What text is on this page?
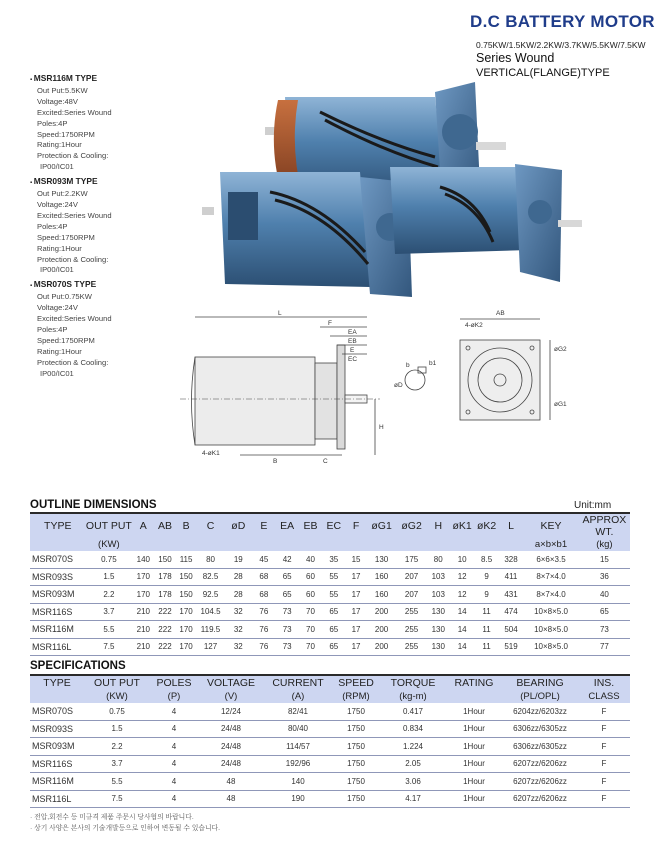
D.C BATTERY MOTOR
0.75KW/1.5KW/2.2KW/3.7KW/5.5KW/7.5KW
Series Wound
VERTICAL(FLANGE)TYPE
▪ MSR116M TYPE
Out Put:5.5KW
Voltage:48V
Excited:Series Wound
Poles:4P
Speed:1750RPM
Rating:1Hour
Protection & Cooling:
IP00/IC01
▪ MSR093M TYPE
Out Put:2.2KW
Voltage:24V
Excited:Series Wound
Poles:4P
Speed:1750RPM
Rating:1Hour
Protection & Cooling:
IP00/IC01
▪ MSR070S TYPE
Out Put:0.75KW
Voltage:24V
Excited:Series Wound
Poles:4P
Speed:1750RPM
Rating:1Hour
Protection & Cooling:
IP00/IC01
L
F
EA
EB
E
EC
B	C
H
4-øK1
4-øK2
AB
øG2
øG1
øD
b1
b
OUTLINE DIMENSIONS	Unit:mm
TYPE	OUT PUT	A	AB	B	C	øD	E	EA	EB	EC	F	øG1	øG2	H	øK1	øK2	L	KEY	APPROX WT.
	(KW)																	a×b×b1	(kg)
MSR070S	0.75	140	150	115	80	19	45	42	40	35	15	130	175	80	10	8.5	328	6×6×3.5	15
MSR093S	1.5	170	178	150	82.5	28	68	65	60	55	17	160	207	103	12	9	411	8×7×4.0	36
MSR093M	2.2	170	178	150	92.5	28	68	65	60	55	17	160	207	103	12	9	431	8×7×4.0	40
MSR116S	3.7	210	222	170	104.5	32	76	73	70	65	17	200	255	130	14	11	474	10×8×5.0	65
MSR116M	5.5	210	222	170	119.5	32	76	73	70	65	17	200	255	130	14	11	504	10×8×5.0	73
MSR116L	7.5	210	222	170	127	32	76	73	70	65	17	200	255	130	14	11	519	10×8×5.0	77
SPECIFICATIONS
TYPE	OUT PUT	POLES	VOLTAGE	CURRENT	SPEED	TORQUE	RATING	BEARING	INS.
	(KW)	(P)	(V)	(A)	(RPM)	(kg-m)		(PL/OPL)	CLASS
MSR070S	0.75	4	12/24	82/41	1750	0.417	1Hour	6204zz/6203zz	F
MSR093S	1.5	4	24/48	80/40	1750	0.834	1Hour	6306zz/6305zz	F
MSR093M	2.2	4	24/48	114/57	1750	1.224	1Hour	6306zz/6305zz	F
MSR116S	3.7	4	24/48	192/96	1750	2.05	1Hour	6207zz/6206zz	F
MSR116M	5.5	4	48	140	1750	3.06	1Hour	6207zz/6206zz	F
MSR116L	7.5	4	48	190	1750	4.17	1Hour	6207zz/6206zz	F
· 전압,회전수 등 미규격 제품 주문시 당사협의 바랍니다.
· 상기 사양은 본사의 기술개발등으로 인하여 변동될 수 있습니다.
